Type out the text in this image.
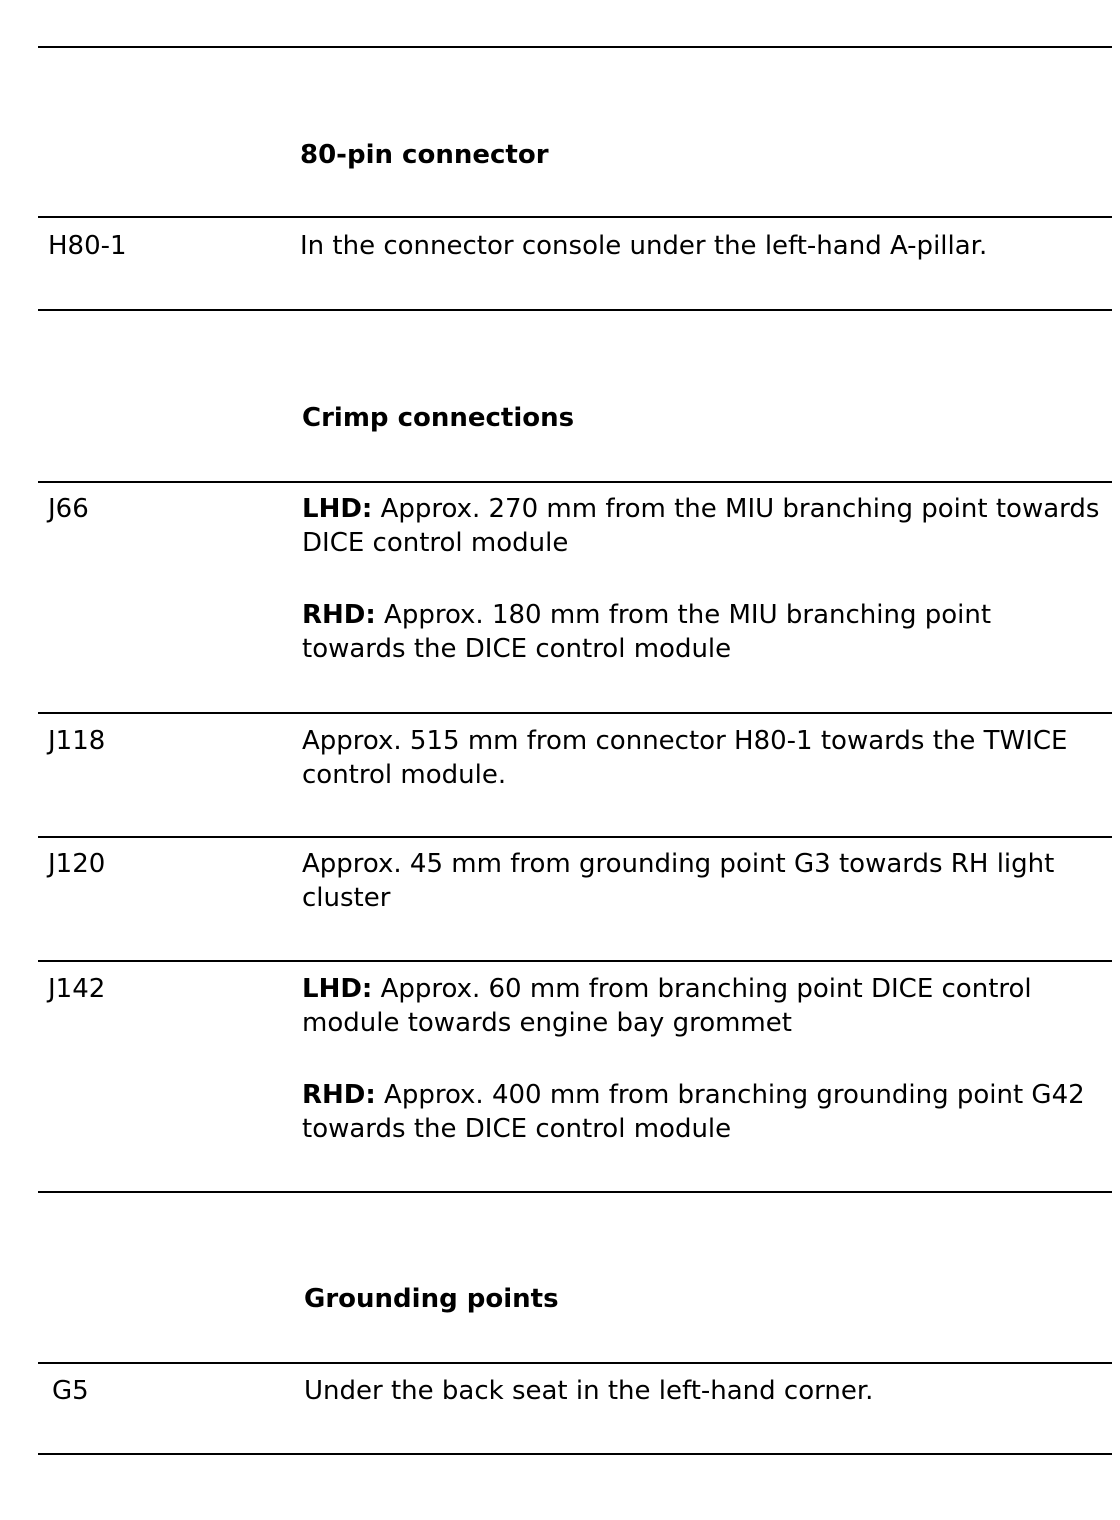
80-pin connector
H80-1	In the connector console under the left-hand A-pillar.
Crimp connections
J66	LHD: Approx. 270 mm from the MIU branching point towards DICE control module
RHD: Approx. 180 mm from the MIU branching point towards the DICE control module
J118	Approx. 515 mm from connector H80-1 towards the TWICE control module.
J120	Approx. 45 mm from grounding point G3 towards RH light cluster
J142	LHD: Approx. 60 mm from branching point DICE control module towards engine bay grommet
RHD: Approx. 400 mm from branching grounding point G42 towards the DICE control module
Grounding points
G5	Under the back seat in the left-hand corner.
